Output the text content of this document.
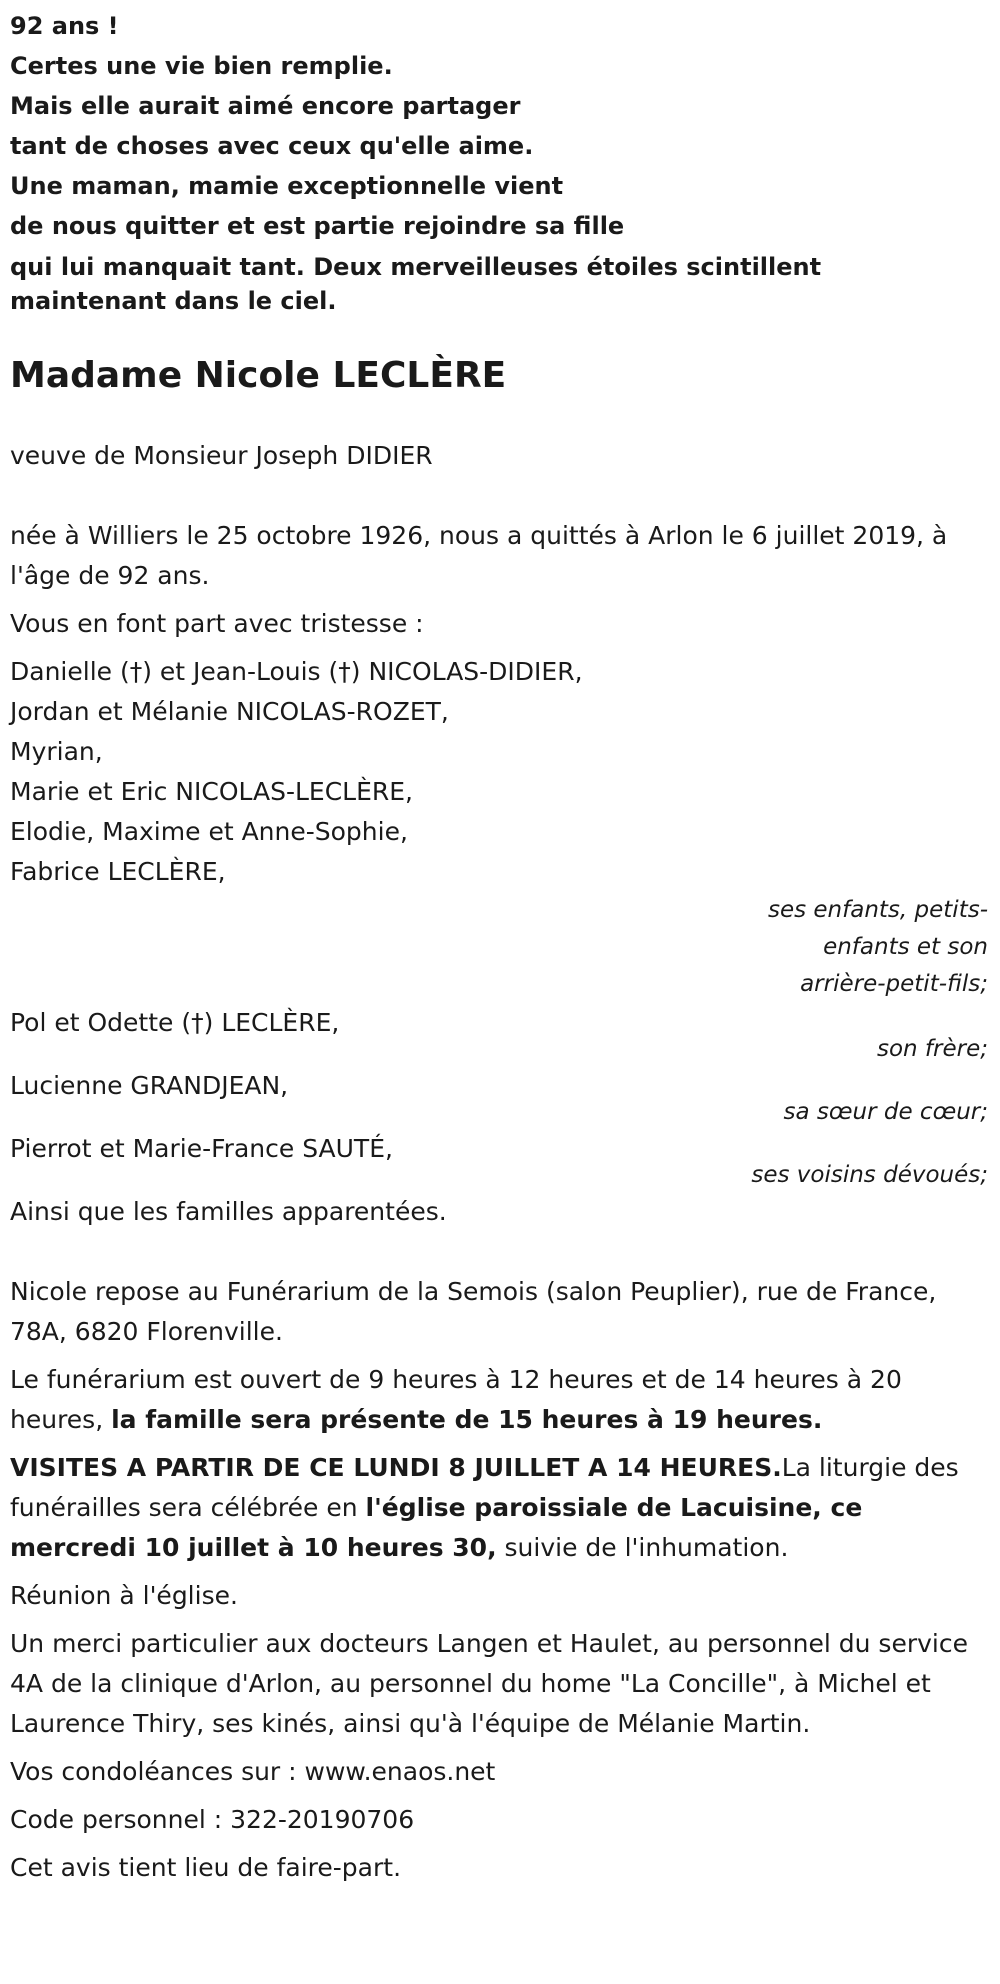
92 ans !
Certes une vie bien remplie.
Mais elle aurait aimé encore partager
tant de choses avec ceux qu'elle aime.
Une maman, mamie exceptionnelle vient
de nous quitter et est partie rejoindre sa fille
qui lui manquait tant. Deux merveilleuses étoiles scintillent
maintenant dans le ciel.
Madame Nicole LECLÈRE

veuve de Monsieur Joseph DIDIER

née à Williers le 25 octobre 1926, nous a quittés à Arlon le 6 juillet 2019, à l'âge de 92 ans.

Vous en font part avec tristesse :

Danielle (†) et Jean-Louis (†) NICOLAS-DIDIER,
Jordan et Mélanie NICOLAS-ROZET,
Myrian,
Marie et Eric NICOLAS-LECLÈRE,
Elodie, Maxime et Anne-Sophie,
Fabrice LECLÈRE,
ses enfants, petits-
enfants et son
arrière-petit-fils;
Pol et Odette (†) LECLÈRE,
son frère;
Lucienne GRANDJEAN,
sa sœur de cœur;
Pierrot et Marie-France SAUTÉ,
ses voisins dévoués;

Ainsi que les familles apparentées.

Nicole repose au Funérarium de la Semois (salon Peuplier), rue de France, 78A, 6820 Florenville.

Le funérarium est ouvert de 9 heures à 12 heures et de 14 heures à 20 heures, la famille sera présente de 15 heures à 19 heures.

VISITES A PARTIR DE CE LUNDI 8 JUILLET A 14 HEURES.La liturgie des funérailles sera célébrée en l'église paroissiale de Lacuisine, ce mercredi 10 juillet à 10 heures 30, suivie de l'inhumation.

Réunion à l'église.

Un merci particulier aux docteurs Langen et Haulet, au personnel du service 4A de la clinique d'Arlon, au personnel du home "La Concille", à Michel et Laurence Thiry, ses kinés, ainsi qu'à l'équipe de Mélanie Martin.

Vos condoléances sur : www.enaos.net

Code personnel : 322-20190706

Cet avis tient lieu de faire-part.
